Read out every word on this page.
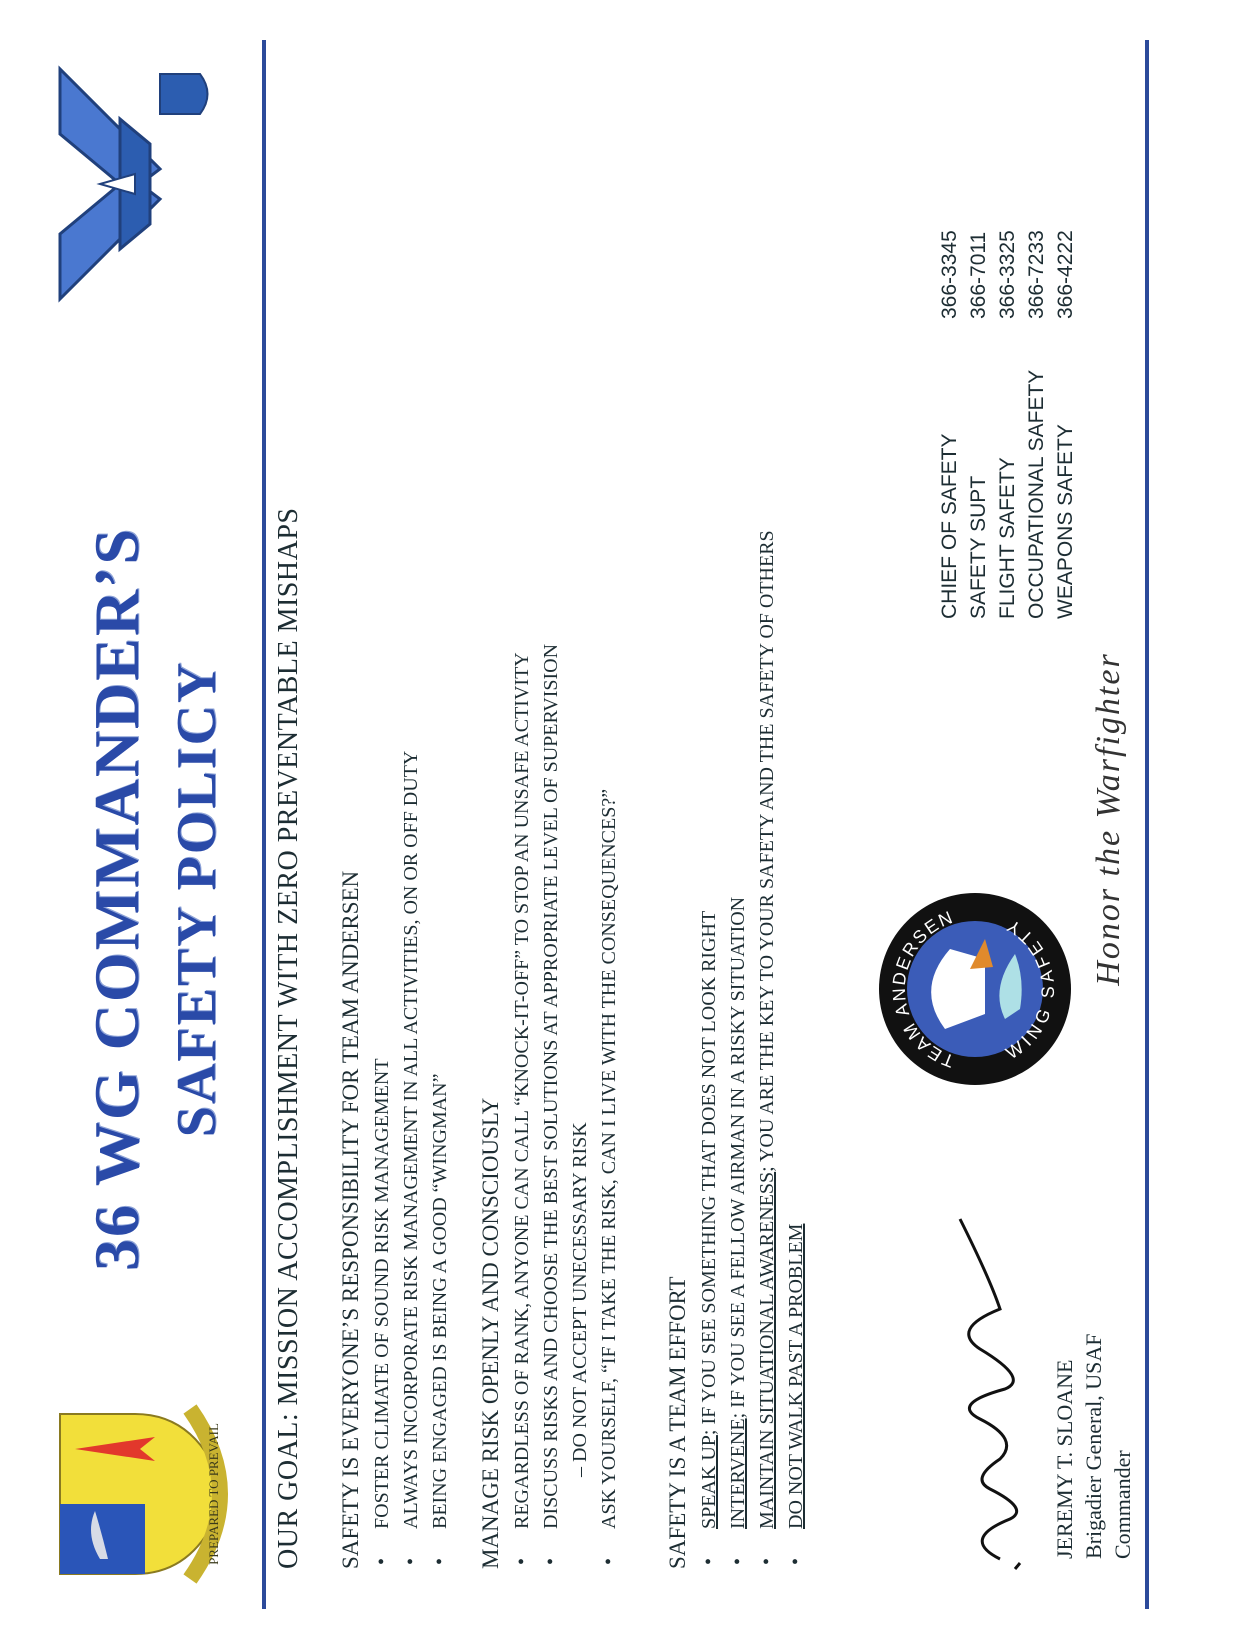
PREPARED TO PREVAIL
36 WG COMMANDER’S SAFETY POLICY OUR GOAL: MISSION ACCOMPLISHMENT WITH ZERO PREVENTABLE MISHAPS SAFETY IS EVERYONE’S RESPONSIBILITY FOR TEAM ANDERSEN •
FOSTER CLIMATE OF SOUND RISK MANAGEMENT
•
ALWAYS INCORPORATE RISK MANAGEMENT IN ALL ACTIVITIES, ON OR OFF DUTY
•
BEING ENGAGED IS BEING A GOOD “WINGMAN” MANAGE RISK OPENLY AND CONSCIOUSLY •
REGARDLESS OF RANK, ANYONE CAN CALL “KNOCK-IT-OFF” TO STOP AN UNSAFE ACTIVITY
•
DISCUSS RISKS AND CHOOSE THE BEST SOLUTIONS AT APPROPRIATE LEVEL OF SUPERVISION – DO NOT ACCEPT UNECESSARY RISK
•
ASK YOURSELF, “IF I TAKE THE RISK, CAN I LIVE WITH THE CONSEQUENCES?” SAFETY IS A TEAM EFFORT •
SPEAK UP; IF YOU SEE SOMETHING THAT DOES NOT LOOK RIGHT
•
INTERVENE; IF YOU SEE A FELLOW AIRMAN IN A RISKY SITUATION
•
MAINTAIN SITUATIONAL AWARENESS; YOU ARE THE KEY TO YOUR SAFETY AND THE SAFETY OF OTHERS
•
DO NOT WALK PAST A PROBLEM	JEREMY T. SLOANE Brigadier General, USAF Commander
TEAM ANDERSEN
WING SAFETY
CHIEF OF SAFETY
366-3345
SAFETY SUPT
366-7011
FLIGHT SAFETY
366-3325
OCCUPATIONAL SAFETY
366-7233
WEAPONS SAFETY
366-4222
Honor the Warfighter
